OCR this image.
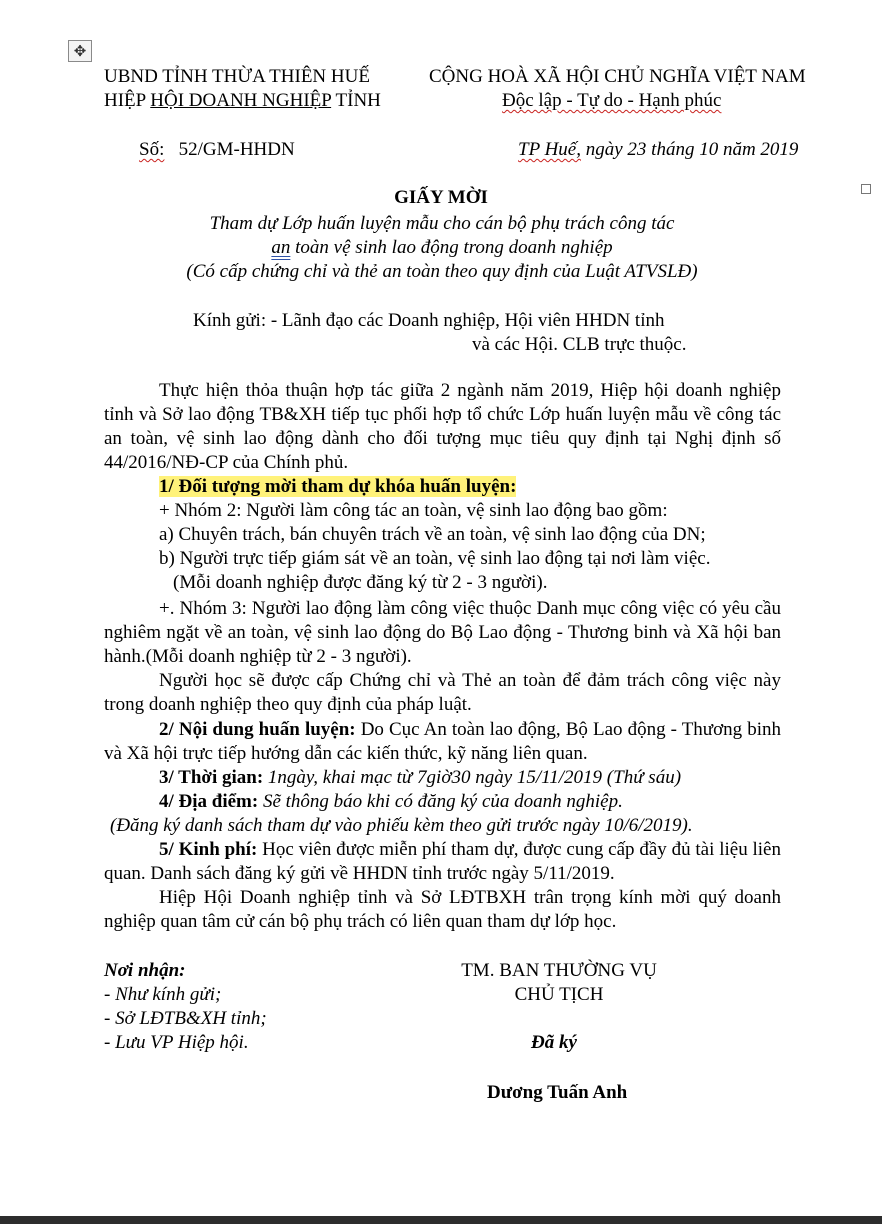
✥
UBND TỈNH THỪA THIÊN HUẾ
HIỆP HỘI DOANH NGHIỆP TỈNH
CỘNG HOÀ XÃ HỘI CHỦ NGHĨA VIỆT NAM
Độc lập - Tự do - Hạnh phúc
Số: 52/GM-HHDN	TP Huế, ngày 23 tháng 10 năm 2019
GIẤY MỜI
Tham dự Lớp huấn luyện mẫu cho cán bộ phụ trách công tác
an toàn vệ sinh lao động trong doanh nghiệp
(Có cấp chứng chỉ và thẻ an toàn theo quy định của Luật ATVSLĐ)
Kính gửi: - Lãnh đạo các Doanh nghiệp, Hội viên HHDN tỉnh
và các Hội. CLB trực thuộc.
Thực hiện thỏa thuận hợp tác giữa 2 ngành năm 2019, Hiệp hội doanh nghiệp tỉnh và Sở lao động TB&XH tiếp tục phối hợp tổ chức Lớp huấn luyện mẫu về công tác an toàn, vệ sinh lao động dành cho đối tượng mục tiêu quy định tại Nghị định số 44/2016/NĐ-CP của Chính phủ.
1/ Đối tượng mời tham dự khóa huấn luyện:
+ Nhóm 2: Người làm công tác an toàn, vệ sinh lao động bao gồm:
a) Chuyên trách, bán chuyên trách về an toàn, vệ sinh lao động của DN;
b) Người trực tiếp giám sát về an toàn, vệ sinh lao động tại nơi làm việc.
(Mỗi doanh nghiệp được đăng ký từ 2 - 3 người).
+. Nhóm 3: Người lao động làm công việc thuộc Danh mục công việc có yêu cầu nghiêm ngặt về an toàn, vệ sinh lao động do Bộ Lao động - Thương binh và Xã hội ban hành.(Mỗi doanh nghiệp từ 2 - 3 người).
Người học sẽ được cấp Chứng chỉ và Thẻ an toàn để đảm trách công việc này trong doanh nghiệp theo quy định của pháp luật.
2/ Nội dung huấn luyện: Do Cục An toàn lao động, Bộ Lao động - Thương binh và Xã hội trực tiếp hướng dẫn các kiến thức, kỹ năng liên quan.
3/ Thời gian: 1ngày, khai mạc từ 7giờ30 ngày 15/11/2019 (Thứ sáu)
4/ Địa điểm: Sẽ thông báo khi có đăng ký của doanh nghiệp.
(Đăng ký danh sách tham dự vào phiếu kèm theo gửi trước ngày 10/6/2019).
5/ Kinh phí: Học viên được miễn phí tham dự, được cung cấp đầy đủ tài liệu liên quan. Danh sách đăng ký gửi về HHDN tỉnh trước ngày 5/11/2019.
Hiệp Hội Doanh nghiệp tỉnh và Sở LĐTBXH trân trọng kính mời quý doanh nghiệp quan tâm cử cán bộ phụ trách có liên quan tham dự lớp học.
Nơi nhận:
- Như kính gửi;
- Sở LĐTB&XH tỉnh;
- Lưu VP Hiệp hội.
TM. BAN THƯỜNG VỤ
CHỦ TỊCH
Đã ký
Dương Tuấn Anh
